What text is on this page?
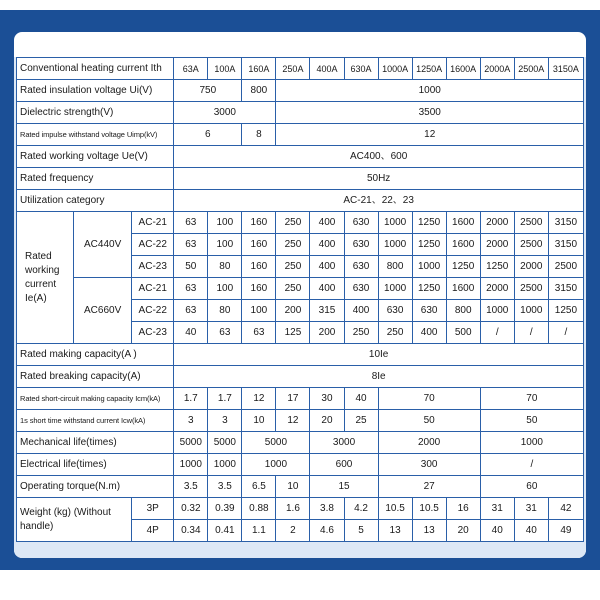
Conventional heating current Ith			63A	100A	160A	250A	400A	630A	1000A	1250A	1600A	2000A	2500A	3150A
Rated insulation voltage Ui(V)			750		800	1000								
Dielectric strength(V)			3000			3500								
Rated impulse withstand voltage Uimp(kV)			6		8	12								
Rated working voltage Ue(V)			AC400、600											
Rated frequency			50Hz											
Utilization category			AC-21、22、23											
Rated working current Ie(A)	AC440V	AC-21	63	100	160	250	400	630	1000	1250	1600	2000	2500	3150
		AC-22	63	100	160	250	400	630	1000	1250	1600	2000	2500	3150
		AC-23	50	80	160	250	400	630	800	1000	1250	1250	2000	2500
	AC660V	AC-21	63	100	160	250	400	630	1000	1250	1600	2000	2500	3150
		AC-22	63	80	100	200	315	400	630	630	800	1000	1000	1250
		AC-23	40	63	63	125	200	250	250	400	500	/	/	/
Rated making capacity(A )			10Ie											
Rated breaking capacity(A)			8Ie											
Rated short-circuit making capacity Icm(kA)			1.7	1.7	12	17	30	40	70			70		
1s short time withstand current Icw(kA)			3	3	10	12	20	25	50			50		
Mechanical life(times)			5000	5000	5000		3000		2000			1000		
Electrical life(times)			1000	1000	1000		600		300			/		
Operating torque(N.m)			3.5	3.5	6.5	10	15		27			60		
Weight (kg) (Without handle)		3P	0.32	0.39	0.88	1.6	3.8	4.2	10.5	10.5	16	31	31	42
		4P	0.34	0.41	1.1	2	4.6	5	13	13	20	40	40	49
